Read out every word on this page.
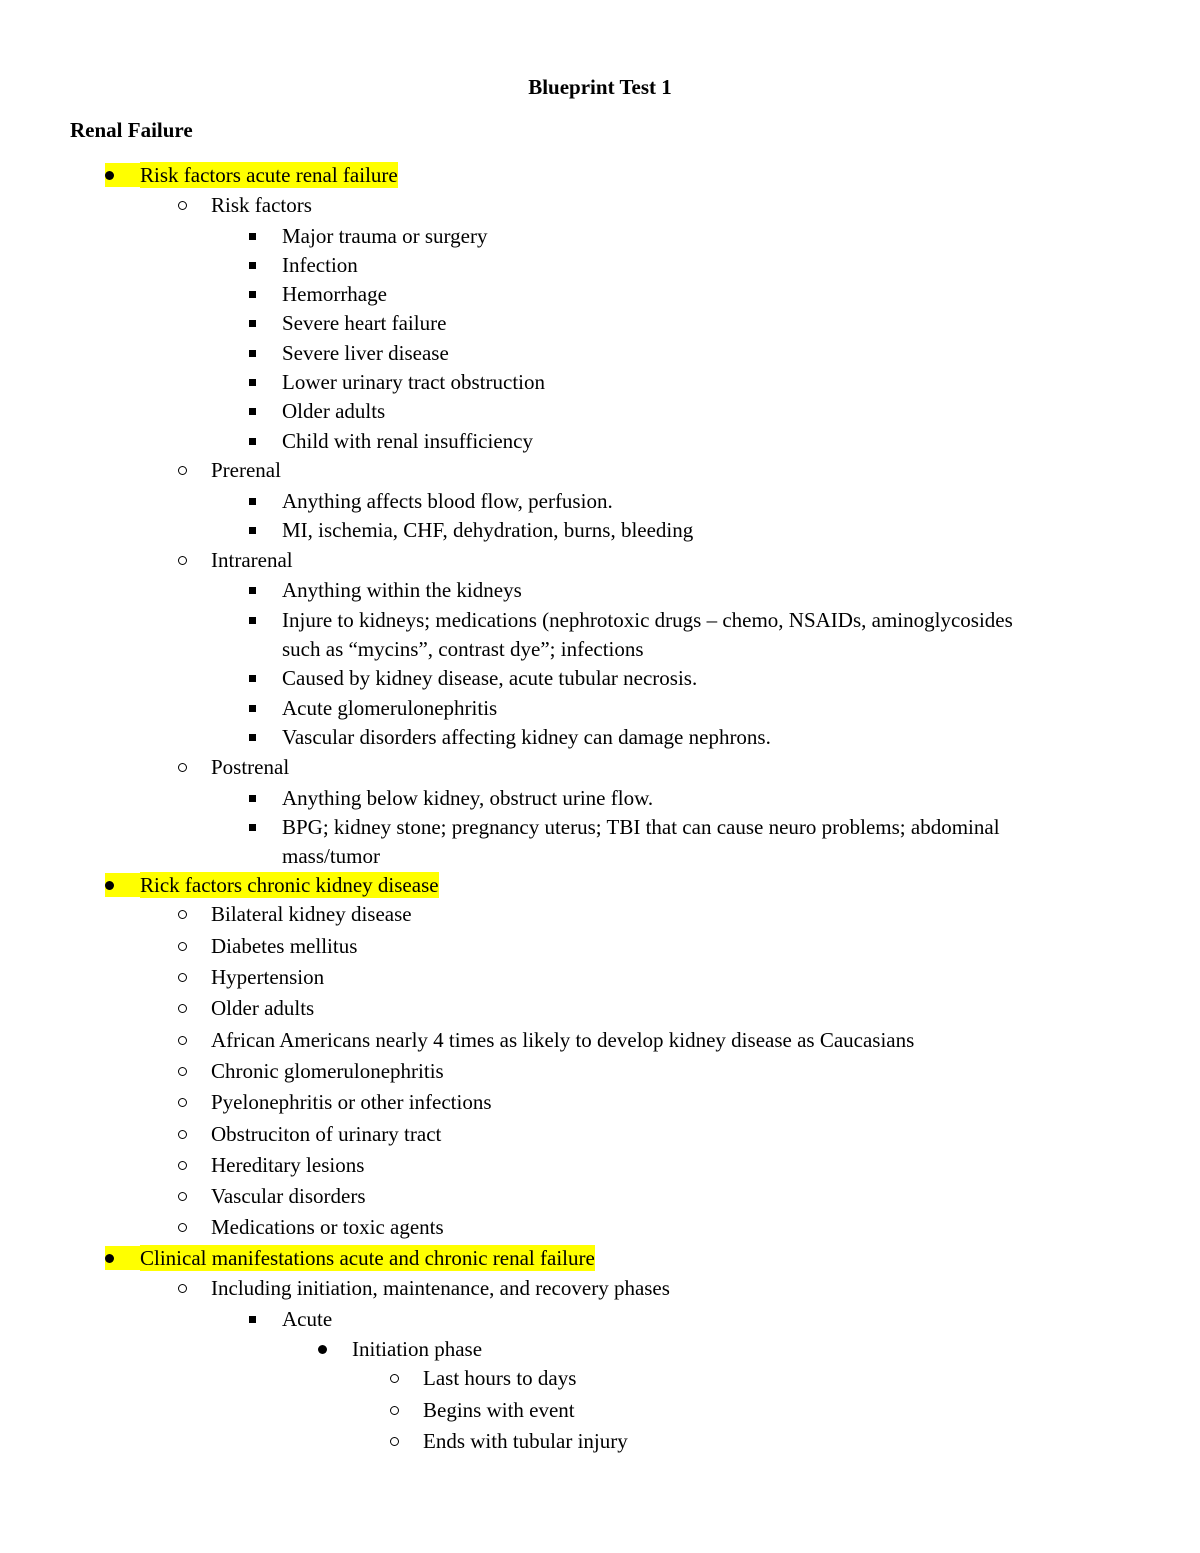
Blueprint Test 1
Renal Failure
Risk factors acute renal failure
Risk factors
Major trauma or surgery
Infection
Hemorrhage
Severe heart failure
Severe liver disease
Lower urinary tract obstruction
Older adults
Child with renal insufficiency
Prerenal
Anything affects blood flow, perfusion.
MI, ischemia, CHF, dehydration, burns, bleeding
Intrarenal
Anything within the kidneys
Injure to kidneys; medications (nephrotoxic drugs – chemo, NSAIDs, aminoglycosides
such as “mycins”, contrast dye”; infections
Caused by kidney disease, acute tubular necrosis.
Acute glomerulonephritis
Vascular disorders affecting kidney can damage nephrons.
Postrenal
Anything below kidney, obstruct urine flow.
BPG; kidney stone; pregnancy uterus; TBI that can cause neuro problems; abdominal
mass/tumor
Rick factors chronic kidney disease
Bilateral kidney disease
Diabetes mellitus
Hypertension
Older adults
African Americans nearly 4 times as likely to develop kidney disease as Caucasians
Chronic glomerulonephritis
Pyelonephritis or other infections
Obstruciton of urinary tract
Hereditary lesions
Vascular disorders
Medications or toxic agents
Clinical manifestations acute and chronic renal failure
Including initiation, maintenance, and recovery phases
Acute
Initiation phase
Last hours to days
Begins with event
Ends with tubular injury
